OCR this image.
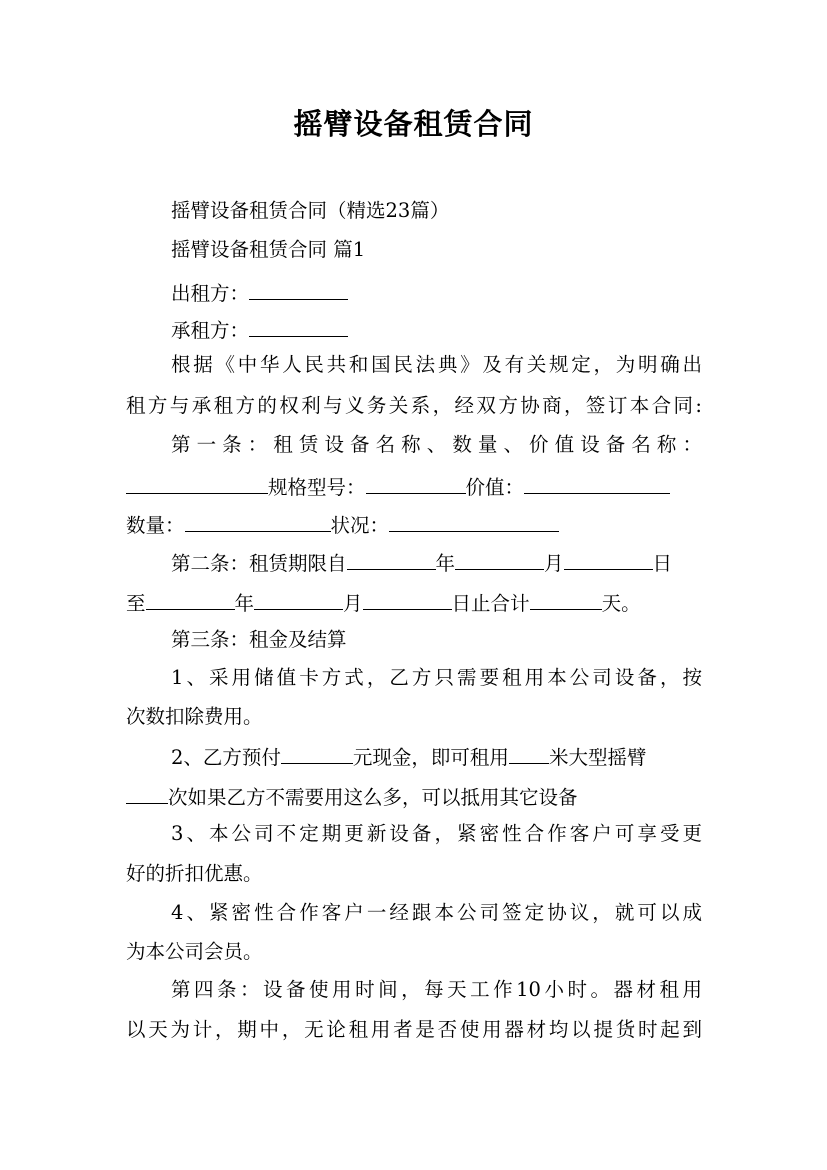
摇臂设备租赁合同
摇臂设备租赁合同（精选23篇）
摇臂设备租赁合同 篇1
出租方：
承租方：
根据《中华人民共和国民法典》及有关规定，为明确出
租方与承租方的权利与义务关系，经双方协商，签订本合同:
第一条：租赁设备名称、数量、价值设备名称：
规格型号：	价值：
数量：	状况：
第二条：租赁期限自	年	月	日
至	年	月	日止合计	天。
第三条：租金及结算
1、采用储值卡方式，乙方只需要租用本公司设备，按
次数扣除费用。
2、乙方预付	元现金，即可租用 米大型摇臂
次如果乙方不需要用这么多，可以抵用其它设备
3、本公司不定期更新设备，紧密性合作客户可享受更
好的折扣优惠。
4、紧密性合作客户一经跟本公司签定协议，就可以成
为本公司会员。
第四条：设备使用时间，每天工作10小时。器材租用
以天为计，期中，无论租用者是否使用器材均以提货时起到
